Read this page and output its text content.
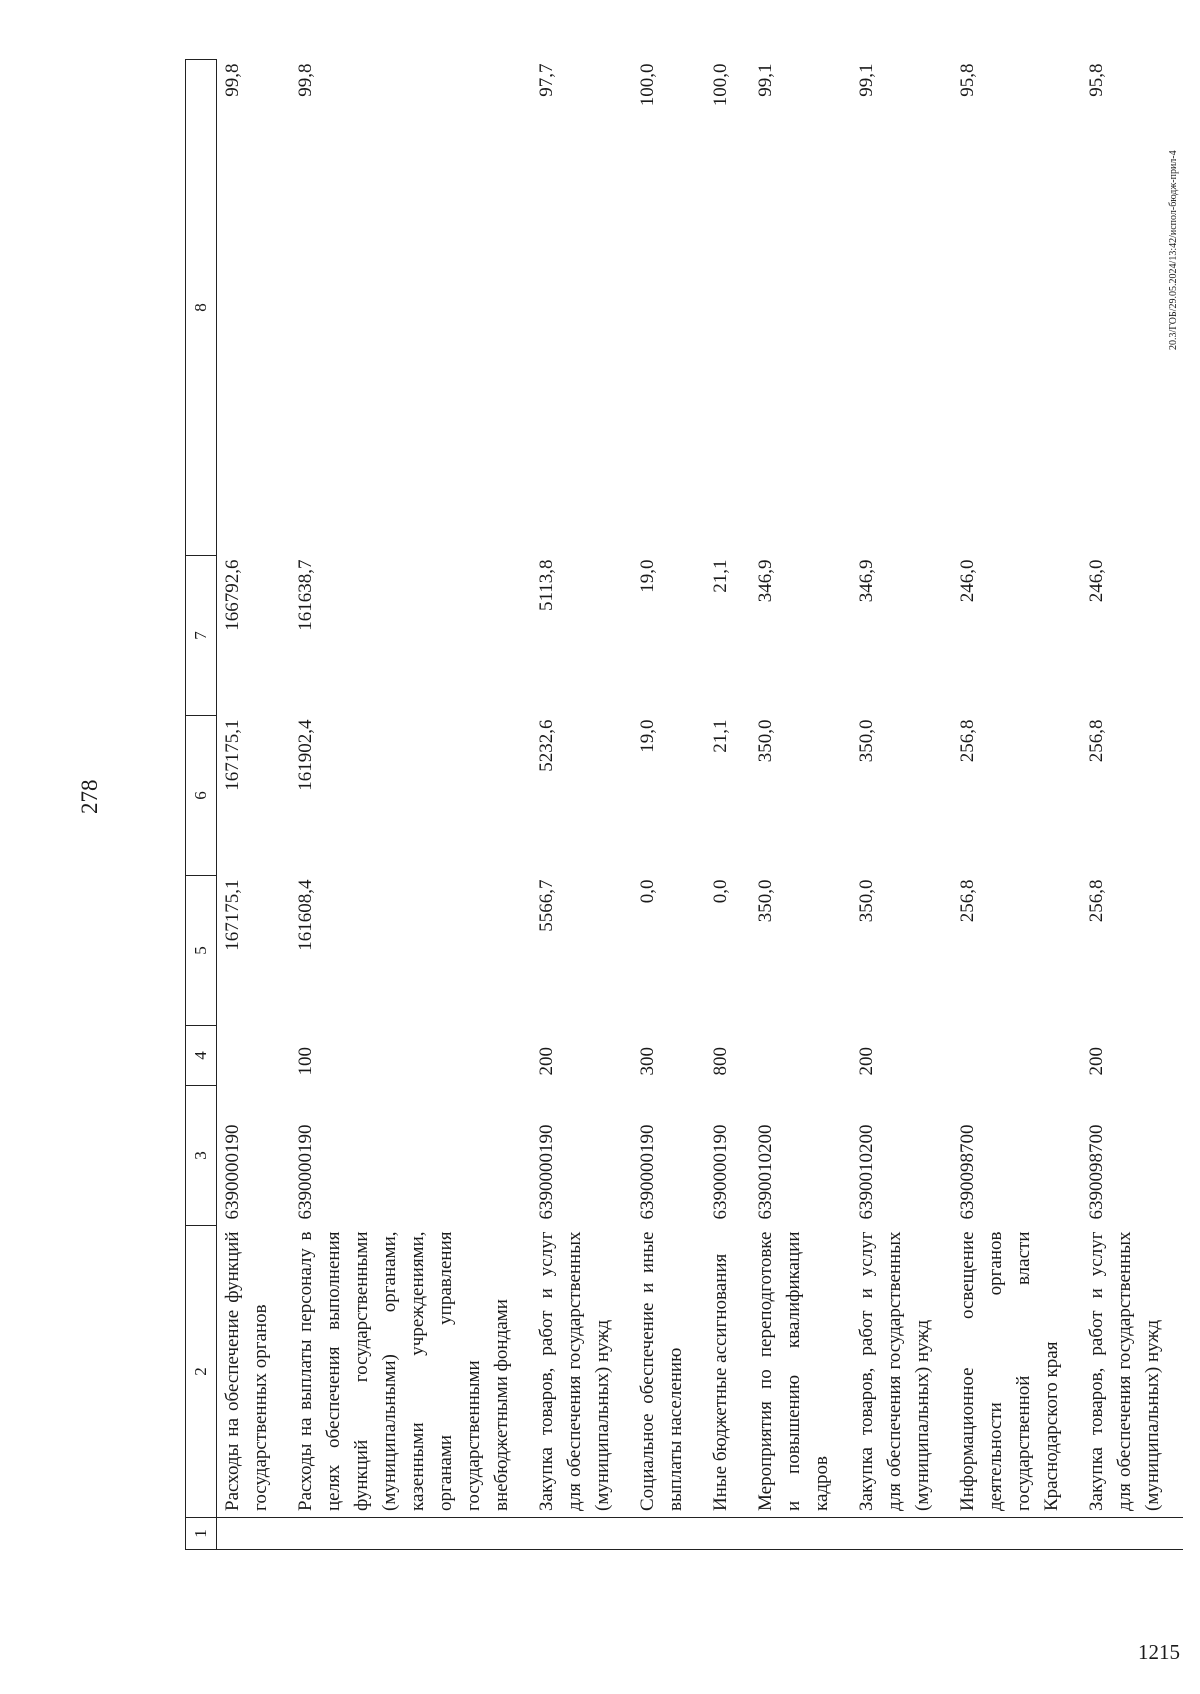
278
1215
20.3/ГОБ/29.05.2024/13:42/испол-бюдж-прил-4
1	2	3	4	5	6	7	8
	Расходы на обеспечение функций государственных органов	6390000190		167175,1	167175,1	166792,6	99,8
	Расходы на выплаты персоналу в целях обеспечения выполнения функций государственными (муниципальными) органами, казенными учреждениями, органами управления государственными внебюджетными фондами	6390000190	100	161608,4	161902,4	161638,7	99,8
	Закупка товаров, работ и услуг для обеспечения государственных (муниципальных) нужд	6390000190	200	5566,7	5232,6	5113,8	97,7
	Социальное обеспечение и иные выплаты населению	6390000190	300	0,0	19,0	19,0	100,0
	Иные бюджетные ассигнования	6390000190	800	0,0	21,1	21,1	100,0
	Мероприятия по переподготовке и повышению квалификации кадров	6390010200		350,0	350,0	346,9	99,1
	Закупка товаров, работ и услуг для обеспечения государственных (муниципальных) нужд	6390010200	200	350,0	350,0	346,9	99,1
	Информационное освещение деятельности органов государственной власти Краснодарского края	6390098700		256,8	256,8	246,0	95,8
	Закупка товаров, работ и услуг для обеспечения государственных (муниципальных) нужд	6390098700	200	256,8	256,8	246,0	95,8
